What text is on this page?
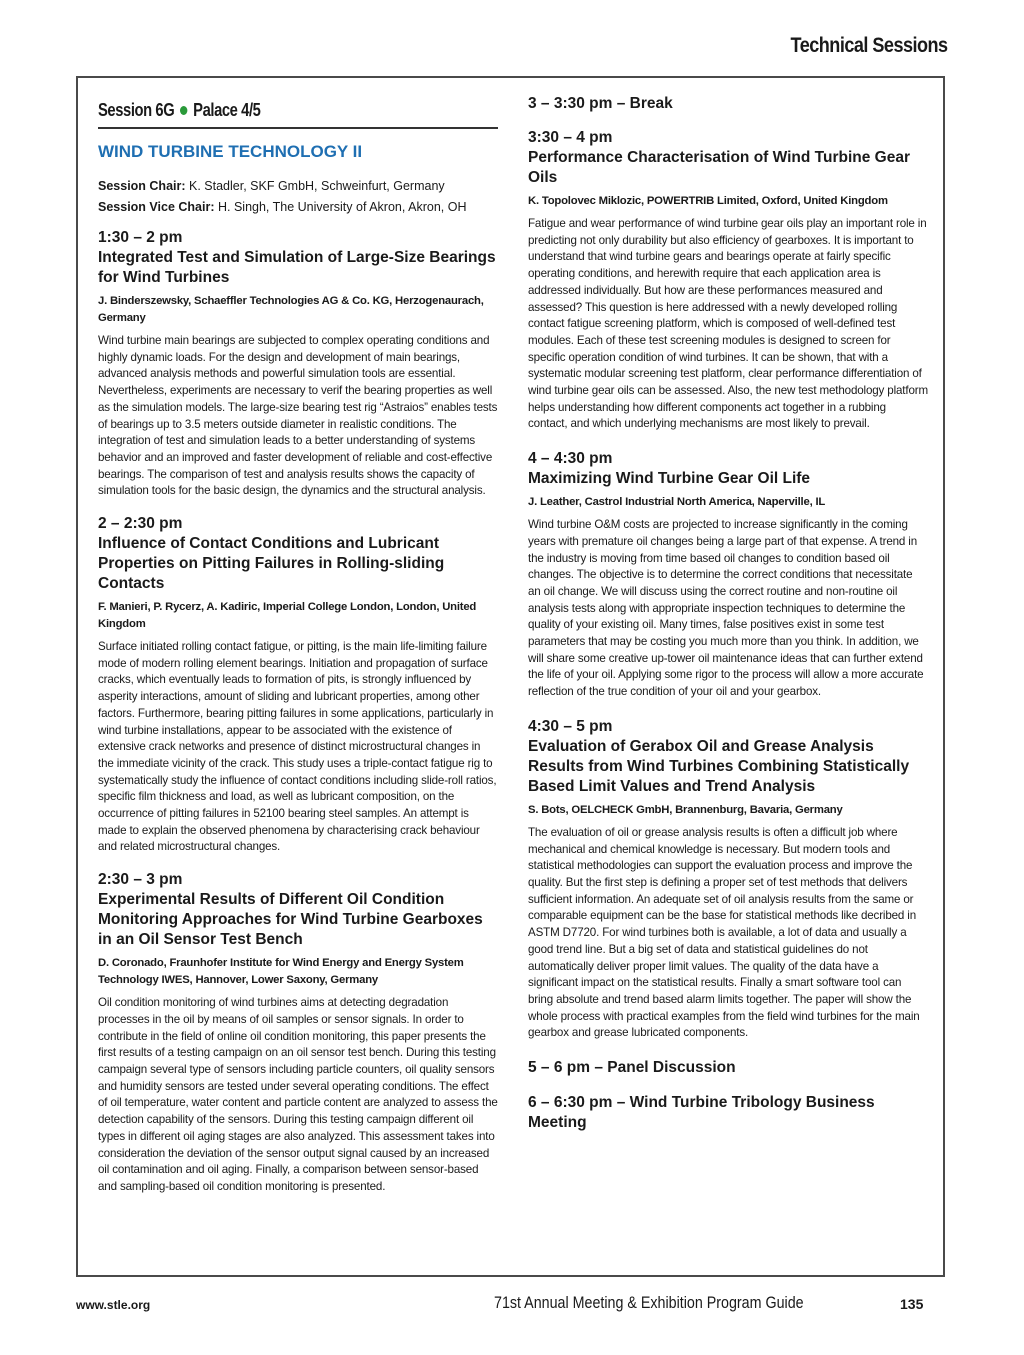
Technical Sessions
Session 6G Palace 4/5
WIND TURBINE TECHNOLOGY II
Session Chair: K. Stadler, SKF GmbH, Schweinfurt, Germany
Session Vice Chair: H. Singh, The University of Akron, Akron, OH
1:30 – 2 pm
Integrated Test and Simulation of Large-Size Bearings for Wind Turbines
J. Binderszewsky, Schaeffler Technologies AG & Co. KG, Herzogenaurach, Germany
Wind turbine main bearings are subjected to complex operating conditions and highly dynamic loads. For the design and development of main bearings, advanced analysis methods and powerful simulation tools are essential. Nevertheless, experiments are necessary to verif the bearing properties as well as the simulation models. The large-size bearing test rig “Astraios” enables tests of bearings up to 3.5 meters outside diameter in realistic conditions. The integration of test and simulation leads to a better understanding of systems behavior and an improved and faster development of reliable and cost-effective bearings. The comparison of test and analysis results shows the capacity of simulation tools for the basic design, the dynamics and the structural analysis.
2 – 2:30 pm
Influence of Contact Conditions and Lubricant Properties on Pitting Failures in Rolling-sliding Contacts
F. Manieri, P. Rycerz, A. Kadiric, Imperial College London, London, United Kingdom
Surface initiated rolling contact fatigue, or pitting, is the main life-limiting failure mode of modern rolling element bearings. Initiation and propagation of surface cracks, which eventually leads to formation of pits, is strongly influenced by asperity interactions, amount of sliding and lubricant properties, among other factors. Furthermore, bearing pitting failures in some applications, particularly in wind turbine installations, appear to be associated with the existence of extensive crack networks and presence of distinct microstructural changes in the immediate vicinity of the crack. This study uses a triple-contact fatigue rig to systematically study the influence of contact conditions including slide-roll ratios, specific film thickness and load, as well as lubricant composition, on the occurrence of pitting failures in 52100 bearing steel samples. An attempt is made to explain the observed phenomena by characterising crack behaviour and related microstructural changes.
2:30 – 3 pm
Experimental Results of Different Oil Condition Monitoring Approaches for Wind Turbine Gearboxes in an Oil Sensor Test Bench
D. Coronado, Fraunhofer Institute for Wind Energy and Energy System Technology IWES, Hannover, Lower Saxony, Germany
Oil condition monitoring of wind turbines aims at detecting degradation processes in the oil by means of oil samples or sensor signals. In order to contribute in the field of online oil condition monitoring, this paper presents the first results of a testing campaign on an oil sensor test bench. During this testing campaign several type of sensors including particle counters, oil quality sensors and humidity sensors are tested under several operating conditions. The effect of oil temperature, water content and particle content are analyzed to assess the detection capability of the sensors. During this testing campaign different oil types in different oil aging stages are also analyzed. This assessment takes into consideration the deviation of the sensor output signal caused by an increased oil contamination and oil aging. Finally, a comparison between sensor-based and sampling-based oil condition monitoring is presented.
3 – 3:30 pm – Break
3:30 – 4 pm
Performance Characterisation of Wind Turbine Gear Oils
K. Topolovec Miklozic, POWERTRIB Limited, Oxford, United Kingdom
Fatigue and wear performance of wind turbine gear oils play an important role in predicting not only durability but also efficiency of gearboxes. It is important to understand that wind turbine gears and bearings operate at fairly specific operating conditions, and herewith require that each application area is addressed individually. But how are these performances measured and assessed? This question is here addressed with a newly developed rolling contact fatigue screening platform, which is composed of well-defined test modules. Each of these test screening modules is designed to screen for specific operation condition of wind turbines. It can be shown, that with a systematic modular screening test platform, clear performance differentiation of wind turbine gear oils can be assessed. Also, the new test methodology platform helps understanding how different components act together in a rubbing contact, and which underlying mechanisms are most likely to prevail.
4 – 4:30 pm
Maximizing Wind Turbine Gear Oil Life
J. Leather, Castrol Industrial North America, Naperville, IL
Wind turbine O&M costs are projected to increase significantly in the coming years with premature oil changes being a large part of that expense. A trend in the industry is moving from time based oil changes to condition based oil changes. The objective is to determine the correct conditions that necessitate an oil change. We will discuss using the correct routine and non-routine oil analysis tests along with appropriate inspection techniques to determine the quality of your existing oil. Many times, false positives exist in some test parameters that may be costing you much more than you think. In addition, we will share some creative up-tower oil maintenance ideas that can further extend the life of your oil. Applying some rigor to the process will allow a more accurate reflection of the true condition of your oil and your gearbox.
4:30 – 5 pm
Evaluation of Gerabox Oil and Grease Analysis Results from Wind Turbines Combining Statistically Based Limit Values and Trend Analysis
S. Bots, OELCHECK GmbH, Brannenburg, Bavaria, Germany
The evaluation of oil or grease analysis results is often a difficult job where mechanical and chemical knowledge is necessary. But modern tools and statistical methodologies can support the evaluation process and improve the quality. But the first step is defining a proper set of test methods that delivers sufficient information. An adequate set of oil analysis results from the same or comparable equipment can be the base for statistical methods like decribed in ASTM D7720. For wind turbines both is available, a lot of data and usually a good trend line. But a big set of data and statistical guidelines do not automatically deliver proper limit values. The quality of the data have a significant impact on the statistical results. Finally a smart software tool can bring absolute and trend based alarm limits together. The paper will show the whole process with practical examples from the field wind turbines for the main gearbox and grease lubricated components.
5 – 6 pm – Panel Discussion
6 – 6:30 pm – Wind Turbine Tribology Business Meeting
www.stle.org	71st Annual Meeting & Exhibition Program Guide	135
